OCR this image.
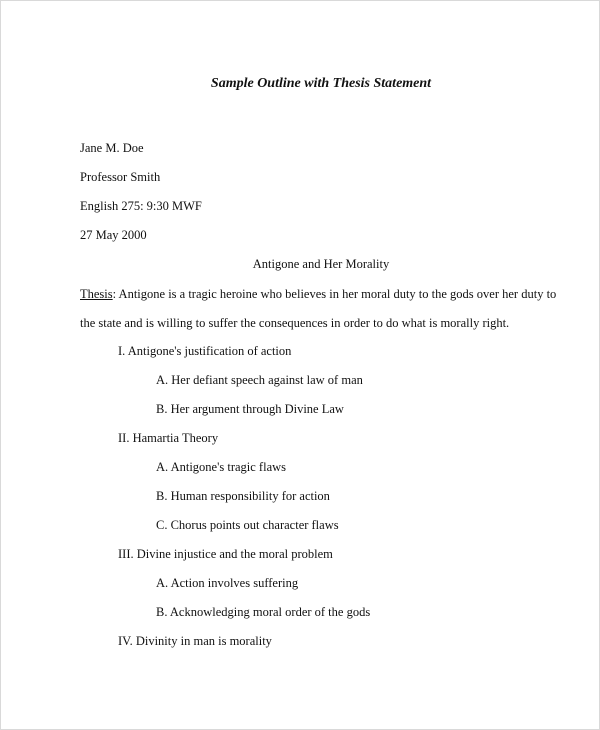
Sample Outline with Thesis Statement
Jane M. Doe
Professor Smith
English 275: 9:30 MWF
27 May 2000
Antigone and Her Morality
Thesis: Antigone is a tragic heroine who believes in her moral duty to the gods over her duty to
the state and is willing to suffer the consequences in order to do what is morally right.
I. Antigone's justification of action
A. Her defiant speech against law of man
B. Her argument through Divine Law
II. Hamartia Theory
A. Antigone's tragic flaws
B. Human responsibility for action
C. Chorus points out character flaws
III. Divine injustice and the moral problem
A. Action involves suffering
B. Acknowledging moral order of the gods
IV. Divinity in man is morality
